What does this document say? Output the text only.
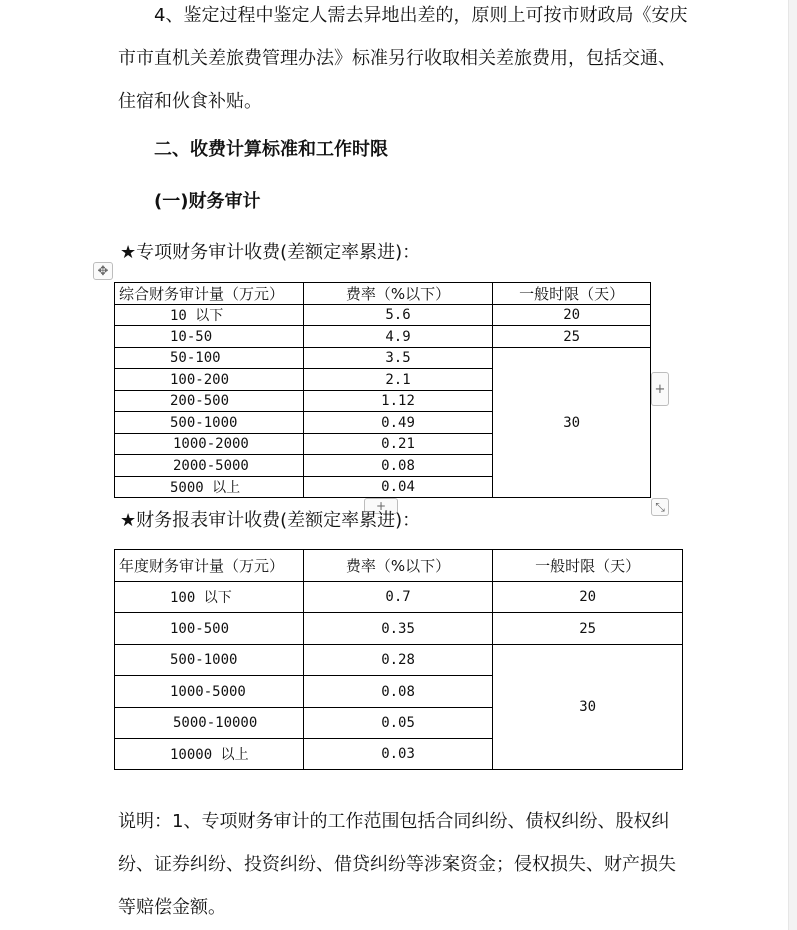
4、鉴定过程中鉴定人需去异地出差的，原则上可按市财政局《安庆市市直机关差旅费管理办法》标准另行收取相关差旅费用，包括交通、住宿和伙食补贴。

二、收费计算标准和工作时限

(一)财务审计

★专项财务审计收费(差额定率累进)：

✥
综合财务审计量（万元）	费率（%以下）	一般时限（天）
10 以下	5.6	20
10-50	4.9	25
50-100	3.5	30
100-200	2.1	
200-500	1.12	
500-1000	0.49	
1000-2000	0.21	
2000-5000	0.08	
5000 以上	0.04	
+
+	⤡

★财务报表审计收费(差额定率累进)：

年度财务审计量（万元）	费率（%以下）	一般时限（天）
100 以下	0.7	20
100-500	0.35	25
500-1000	0.28	30
1000-5000	0.08	
5000-10000	0.05	
10000 以上	0.03	

说明：1、专项财务审计的工作范围包括合同纠纷、债权纠纷、股权纠纷、证券纠纷、投资纠纷、借贷纠纷等涉案资金；侵权损失、财产损失等赔偿金额。
